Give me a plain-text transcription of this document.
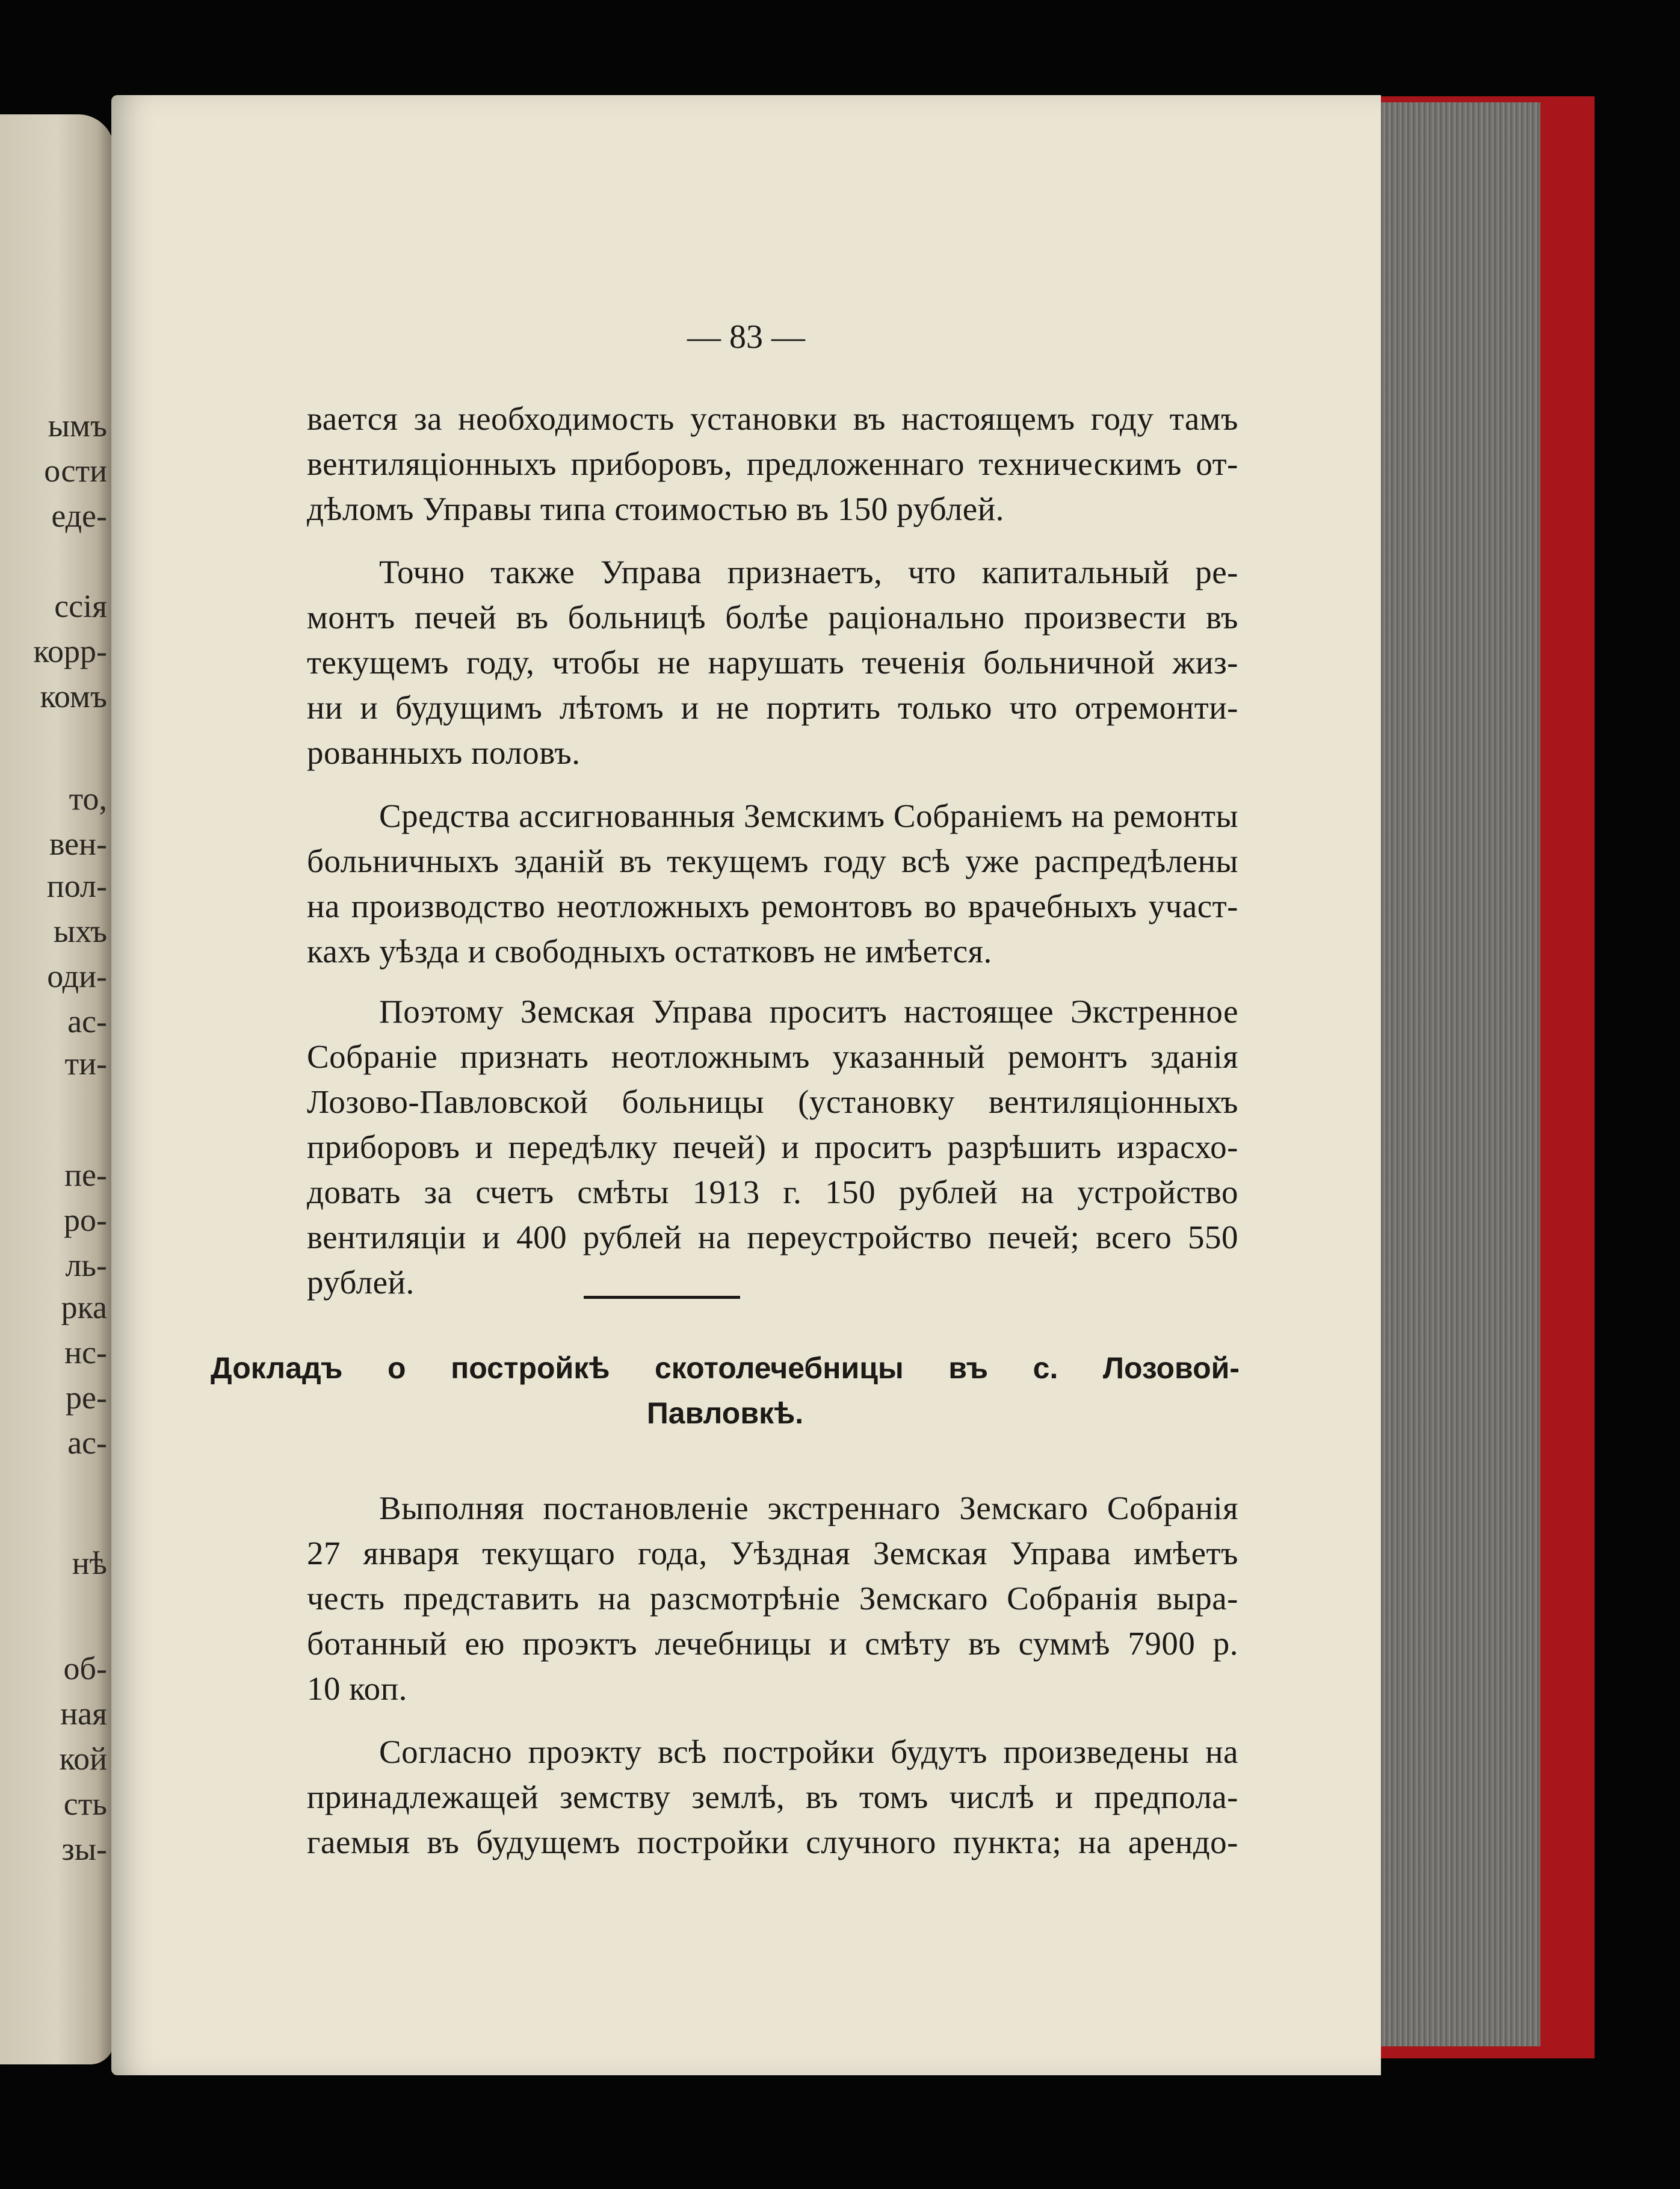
ымъ
ости
еде-
ссія
корр-
комъ
то,
вен-
пол-
ыхъ
оди-
ас-
ти-
пе-
ро-
ль-
рка
нс-
ре-
ас-
нѣ
об-
ная
кой
сть
зы-
— 83 —
вается за необходимость установки въ настоящемъ году тамъ
вентиляціонныхъ приборовъ, предложеннаго техническимъ от-
дѣломъ Управы типа стоимостью въ 150 рублей.
Точно также Управа признаетъ, что капитальный ре-
монтъ печей въ больницѣ болѣе раціонально произвести въ
текущемъ году, чтобы не нарушать теченія больничной жиз-
ни и будущимъ лѣтомъ и не портить только что отремонти-
рованныхъ половъ.
Средства ассигнованныя Земскимъ Собраніемъ на ремонты
больничныхъ зданій въ текущемъ году всѣ уже распредѣлены
на производство неотложныхъ ремонтовъ во врачебныхъ участ-
кахъ уѣзда и свободныхъ остатковъ не имѣется.
Поэтому Земская Управа проситъ настоящее Экстренное
Собраніе признать неотложнымъ указанный ремонтъ зданія
Лозово-Павловской больницы (установку вентиляціонныхъ
приборовъ и передѣлку печей) и проситъ разрѣшить израсхо-
довать за счетъ смѣты 1913 г. 150 рублей на устройство
вентиляціи и 400 рублей на переустройство печей; всего 550
рублей.
Докладъ о постройкѣ скотолечебницы въ с. Лозовой-
Павловкѣ.
Выполняя постановленіе экстреннаго Земскаго Собранія
27 января текущаго года, Уѣздная Земская Управа имѣетъ
честь представить на разсмотрѣніе Земскаго Собранія выра-
ботанный ею проэктъ лечебницы и смѣту въ суммѣ 7900 р.
10 коп.
Согласно проэкту всѣ постройки будутъ произведены на
принадлежащей земству землѣ, въ томъ числѣ и предпола-
гаемыя въ будущемъ постройки случного пункта; на арендо-
